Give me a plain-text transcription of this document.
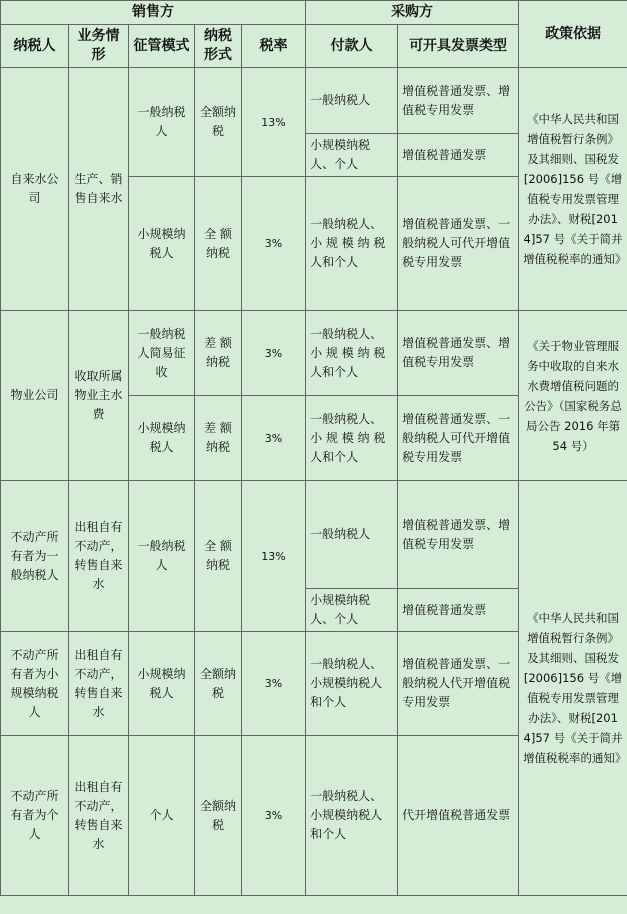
销售方					采购方		政策依据
纳税人	业务情形	征管模式	纳税形式	税率	付款人	可开具发票类型	
自来水公司	生产、销售自来水	一般纳税人	全额纳税	13%	一般纳税人	增值税普通发票、增值税专用发票	《中华人民共和国增值税暂行条例》及其细则、国税发[2006]156 号《增值税专用发票管理办法》、财税[2014]57 号《关于简并增值税税率的通知》
					小规模纳税人、个人	增值税普通发票	
		小规模纳税人	全 额纳税	3%	一般纳税人、小 规 模 纳 税人和个人	增值税普通发票、一般纳税人可代开增值税专用发票	
物业公司	收取所属物业主水费	一般纳税人简易征收	差 额纳税	3%	一般纳税人、小 规 模 纳 税人和个人	增值税普通发票、增值税专用发票	《关于物业管理服务中收取的自来水水费增值税问题的公告》（国家税务总局公告 2016 年第 54 号）
		小规模纳税人	差 额纳税	3%	一般纳税人、小 规 模 纳 税人和个人	增值税普通发票、一般纳税人可代开增值税专用发票	
不动产所有者为一般纳税人	出租自有不动产，转售自来水	一般纳税人	全 额纳税	13%	一般纳税人	增值税普通发票、增值税专用发票	《中华人民共和国增值税暂行条例》及其细则、国税发[2006]156 号《增值税专用发票管理办法》、财税[2014]57 号《关于简并增值税税率的通知》
					小规模纳税人、个人	增值税普通发票	
不动产所有者为小规模纳税人	出租自有不动产，转售自来水	小规模纳税人	全额纳税	3%	一般纳税人、小规模纳税人和个人	增值税普通发票、一般纳税人代开增值税专用发票	
不动产所有者为个人	出租自有不动产，转售自来水	个人	全额纳税	3%	一般纳税人、小规模纳税人和个人	代开增值税普通发票	
